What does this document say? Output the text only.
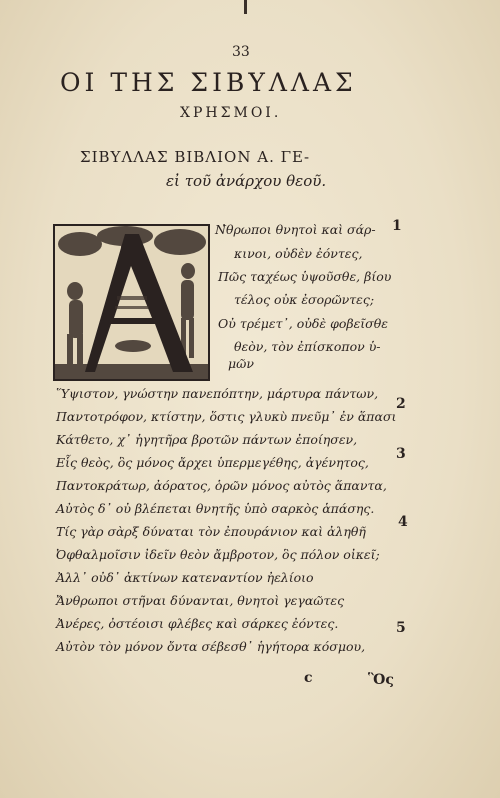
33
ΟΙ ΤΗΣ ΣΙΒΥΛΛΑΣ
ΧΡΗΣΜΟΙ.
ΣΙΒΥΛΛΑΣ ΒΙΒΛΙΟΝ Α. ΓΕ-
εἰ τοῦ ἀνάρχου θεοῦ.
Ν̓θρωποι θνητοὶ καὶ σάρ-
κινοι, οὐδὲν ἐόντες,
Πῶς ταχέως ὑψοῦσθε, βίου
τέλος οὐκ ἐσορῶντες;
Οὐ τρέμετ᾽, οὐδὲ φοβεῖσθε
θεὸν, τὸν ἐπίσκοπον ὑ-
μῶν
Ὕψιστον, γνώστην πανεπόπτην, μάρτυρα πάντων,
Παντοτρόφον, κτίστην, ὅστις γλυκὺ πνεῦμ᾽ ἐν ἅπασι
Κάτθετο, χ᾽ ἡγητῆρα βροτῶν πάντων ἐποίησεν,
Εἷς θεὸς, ὃς μόνος ἄρχει ὑπερμεγέθης, ἀγένητος,
Παντοκράτωρ, ἀόρατος, ὁρῶν μόνος αὐτὸς ἅπαντα,
Αὐτὸς δ᾽ οὐ βλέπεται θνητῆς ὑπὸ σαρκὸς ἁπάσης.
Τίς γὰρ σὰρξ δύναται τὸν ἐπουράνιον καὶ ἀληθῆ
Ὀφθαλμοῖσιν ἰδεῖν θεὸν ἄμβροτον, ὃς πόλον οἰκεῖ;
Ἀλλ᾽ οὐδ᾽ ἀκτίνων κατεναντίον ἠελίοιο
Ἄνθρωποι στῆναι δύνανται, θνητοὶ γεγαῶτες
Ἀνέρες, ὀστέοισι φλέβες καὶ σάρκες ἐόντες.
Αὐτὸν τὸν μόνον ὄντα σέβεσθ᾽ ἡγήτορα κόσμου,
1
2
3
4
5
c	Ὃς
